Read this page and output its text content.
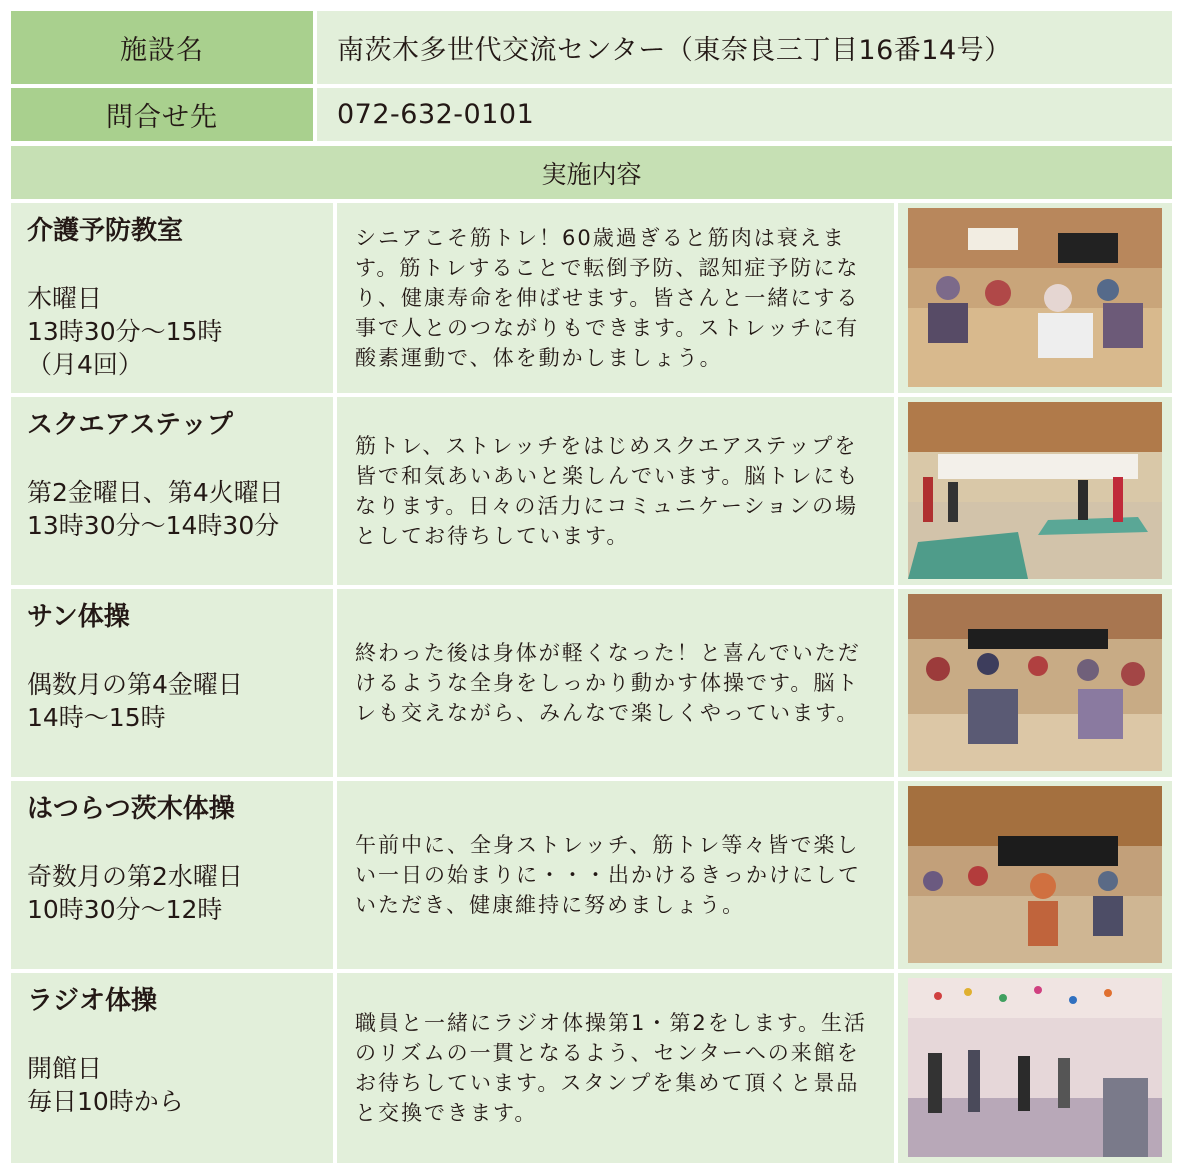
施設名	南茨木多世代交流センター（東奈良三丁目16番14号）
問合せ先	072-632-0101
実施内容
介護予防教室
木曜日
13時30分～15時
（月4回）

シニアこそ筋トレ！60歳過ぎると筋肉は衰えます。筋トレすることで転倒予防、認知症予防になり、健康寿命を伸ばせます。皆さんと一緒にする事で人とのつながりもできます。ストレッチに有酸素運動で、体を動かしましょう。

スクエアステップ
第2金曜日、第4火曜日
13時30分～14時30分

筋トレ、ストレッチをはじめスクエアステップを皆で和気あいあいと楽しんでいます。脳トレにもなります。日々の活力にコミュニケーションの場としてお待ちしています。

サン体操
偶数月の第4金曜日
14時～15時

終わった後は身体が軽くなった！と喜んでいただけるような全身をしっかり動かす体操です。脳トレも交えながら、みんなで楽しくやっています。

はつらつ茨木体操
奇数月の第2水曜日
10時30分～12時

午前中に、全身ストレッチ、筋トレ等々皆で楽しい一日の始まりに・・・出かけるきっかけにしていただき、健康維持に努めましょう。

ラジオ体操
開館日
毎日10時から

職員と一緒にラジオ体操第1・第2をします。生活のリズムの一貫となるよう、センターへの来館をお待ちしています。スタンプを集めて頂くと景品と交換できます。
